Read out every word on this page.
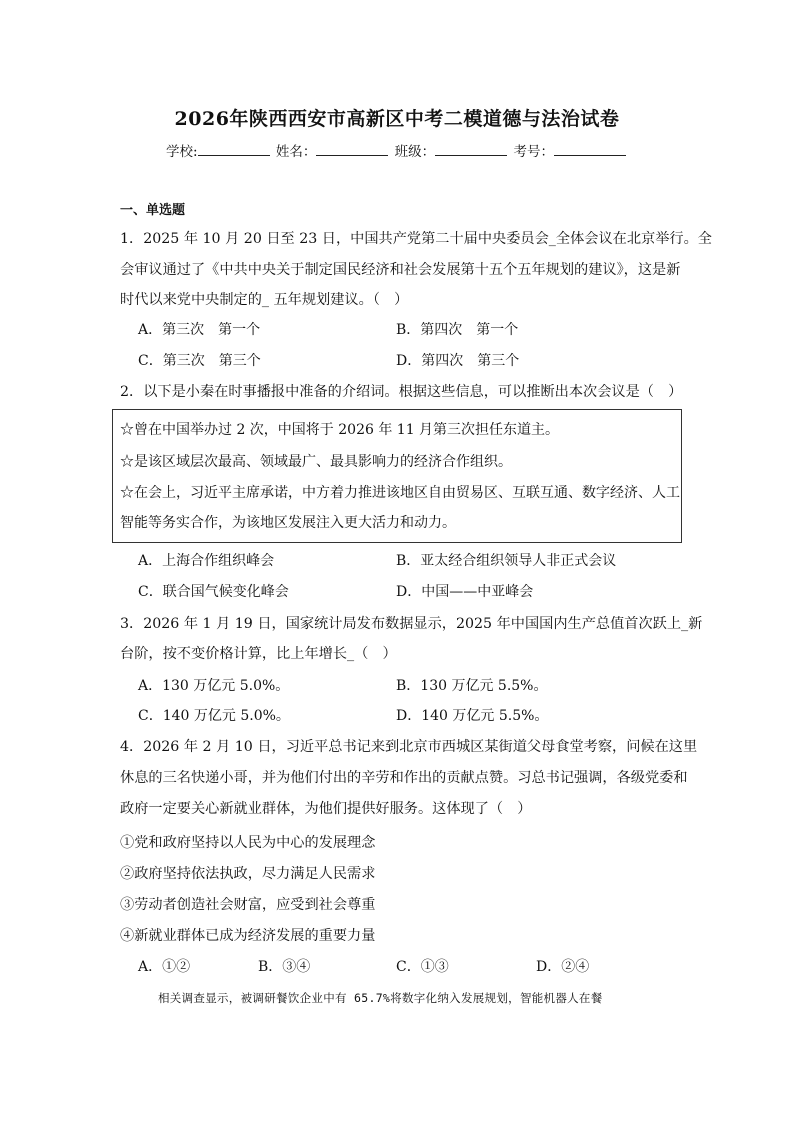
2026年陕西西安市高新区中考二模道德与法治试卷
学校:	姓名：	班级：	考号：
一、单选题
1．2025 年 10 月 20 日至 23 日，中国共产党第二十届中央委员会_全体会议在北京举行。全
会审议通过了《中共中央关于制定国民经济和社会发展第十五个五年规划的建议》，这是新
时代以来党中央制定的_ 五年规划建议。（　）
A．第三次　第一个	B．第四次　第一个
C．第三次　第三个	D．第四次　第三个
2．以下是小秦在时事播报中准备的介绍词。根据这些信息，可以推断出本次会议是（　）
☆曾在中国举办过 2 次，中国将于 2026 年 11 月第三次担任东道主。
☆是该区域层次最高、领域最广、最具影响力的经济合作组织。
☆在会上，习近平主席承诺，中方着力推进该地区自由贸易区、互联互通、数字经济、人工
智能等务实合作，为该地区发展注入更大活力和动力。
A．上海合作组织峰会	B．亚太经合组织领导人非正式会议
C．联合国气候变化峰会	D．中国——中亚峰会
3．2026 年 1 月 19 日，国家统计局发布数据显示，2025 年中国国内生产总值首次跃上_新
台阶，按不变价格计算，比上年增长_（　）
A．130 万亿元 5.0%。	B．130 万亿元 5.5%。
C．140 万亿元 5.0%。	D．140 万亿元 5.5%。
4．2026 年 2 月 10 日，习近平总书记来到北京市西城区某街道父母食堂考察，问候在这里
休息的三名快递小哥，并为他们付出的辛劳和作出的贡献点赞。习总书记强调，各级党委和
政府一定要关心新就业群体，为他们提供好服务。这体现了（　）
①党和政府坚持以人民为中心的发展理念
②政府坚持依法执政，尽力满足人民需求
③劳动者创造社会财富，应受到社会尊重
④新就业群体已成为经济发展的重要力量
A．①②	B．③④	C．①③	D．②④
相关调查显示，被调研餐饮企业中有 65.7%将数字化纳入发展规划，智能机器人在餐
